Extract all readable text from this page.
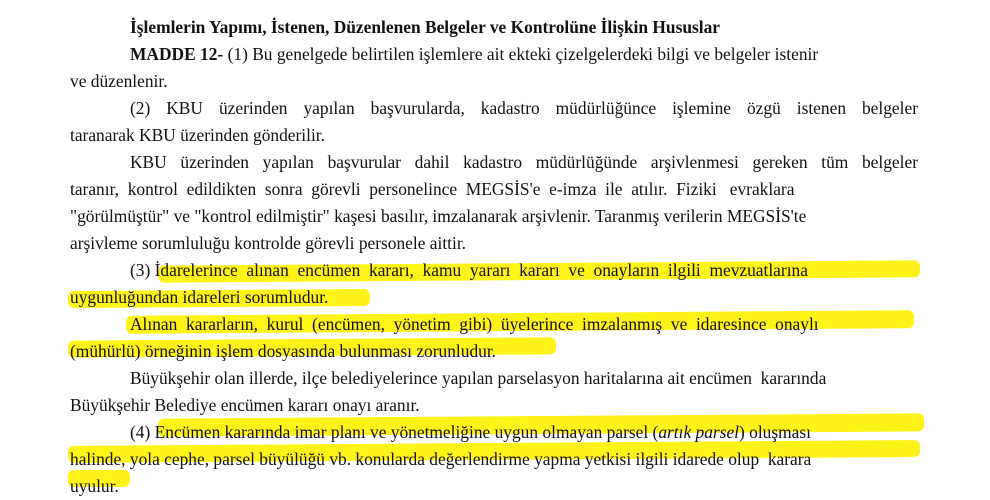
İşlemlerin Yapımı, İstenen, Düzenlenen Belgeler ve Kontrolüne İlişkin Hususlar
MADDE 12- (1) Bu genelgede belirtilen işlemlere ait ekteki çizelgelerdeki bilgi ve belgeler istenir
ve düzenlenir.
(2) KBU üzerinden yapılan başvurularda, kadastro müdürlüğünce işlemine özgü istenen belgeler
taranarak KBU üzerinden gönderilir.
KBU üzerinden yapılan başvurular dahil kadastro müdürlüğünde arşivlenmesi gereken tüm belgeler
taranır,  kontrol  edildikten  sonra  görevli  personelince  MEGSİS'e  e-imza  ile  atılır.  Fiziki   evraklara
"görülmüştür" ve "kontrol edilmiştir" kaşesi basılır, imzalanarak arşivlenir. Taranmış verilerin MEGSİS'te
arşivleme sorumluluğu kontrolde görevli personele aittir.
(3) İdarelerince  alınan  encümen  kararı,  kamu  yararı  kararı  ve  onayların  ilgili  mevzuatlarına
uygunluğundan idareleri sorumludur.
Alınan  kararların,  kurul  (encümen,  yönetim  gibi)  üyelerince  imzalanmış  ve  idaresince  onaylı
(mühürlü) örneğinin işlem dosyasında bulunması zorunludur.
Büyükşehir olan illerde, ilçe belediyelerince yapılan parselasyon haritalarına ait encümen  kararında
Büyükşehir Belediye encümen kararı onayı aranır.
(4) Encümen kararında imar planı ve yönetmeliğine uygun olmayan parsel (artık parsel) oluşması
halinde, yola cephe, parsel büyülüğü vb. konularda değerlendirme yapma yetkisi ilgili idarede olup  karara
uyulur.
